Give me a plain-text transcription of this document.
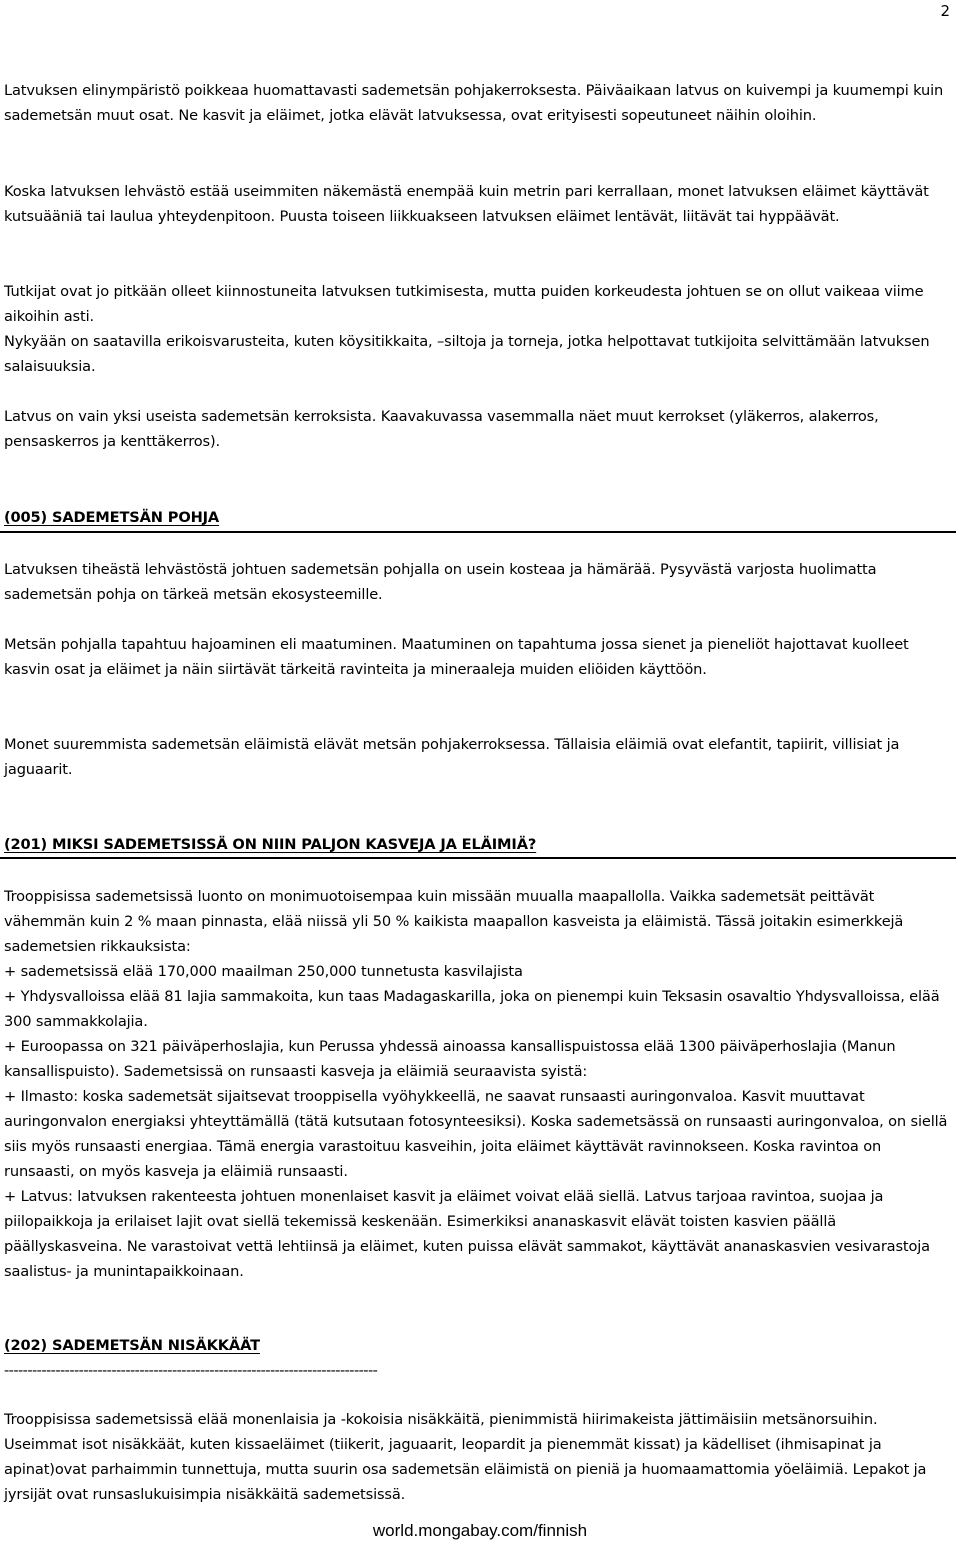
2

Latvuksen elinympäristö poikkeaa huomattavasti sademetsän pohjakerroksesta. Päiväaikaan latvus on kuivempi ja kuumempi kuin sademetsän muut osat. Ne kasvit ja eläimet, jotka elävät latvuksessa, ovat erityisesti sopeutuneet näihin oloihin.

Koska latvuksen lehvästö estää useimmiten näkemästä enempää kuin metrin pari kerrallaan, monet latvuksen eläimet käyttävät kutsuääniä tai laulua yhteydenpitoon. Puusta toiseen liikkuakseen latvuksen eläimet lentävät, liitävät tai hyppäävät.

Tutkijat ovat jo pitkään olleet kiinnostuneita latvuksen tutkimisesta, mutta puiden korkeudesta johtuen se on ollut vaikeaa viime aikoihin asti.

Nykyään on saatavilla erikoisvarusteita, kuten köysitikkaita, –siltoja ja torneja, jotka helpottavat tutkijoita selvittämään latvuksen salaisuuksia.

Latvus on vain yksi useista sademetsän kerroksista. Kaavakuvassa vasemmalla näet muut kerrokset (yläkerros, alakerros, pensaskerros ja kenttäkerros).

(005) SADEMETSÄN POHJA

Latvuksen tiheästä lehvästöstä johtuen sademetsän pohjalla on usein kosteaa ja hämärää. Pysyvästä varjosta huolimatta sademetsän pohja on tärkeä metsän ekosysteemille.

Metsän pohjalla tapahtuu hajoaminen eli maatuminen. Maatuminen on tapahtuma jossa sienet ja pieneliöt hajottavat kuolleet kasvin osat ja eläimet ja näin siirtävät tärkeitä ravinteita ja mineraaleja muiden eliöiden käyttöön.

Monet suuremmista sademetsän eläimistä elävät metsän pohjakerroksessa. Tällaisia eläimiä ovat elefantit, tapiirit, villisiat ja jaguaarit.

(201) MIKSI SADEMETSISSÄ ON NIIN PALJON KASVEJA JA ELÄIMIÄ?

Trooppisissa sademetsissä luonto on monimuotoisempaa kuin missään muualla maapallolla. Vaikka sademetsät peittävät vähemmän kuin 2 % maan pinnasta, elää niissä yli 50 % kaikista maapallon kasveista ja eläimistä. Tässä joitakin esimerkkejä sademetsien rikkauksista:

+ sademetsissä elää 170,000 maailman 250,000 tunnetusta kasvilajista

+ Yhdysvalloissa elää 81 lajia sammakoita, kun taas Madagaskarilla, joka on pienempi kuin Teksasin osavaltio Yhdysvalloissa, elää 300 sammakkolajia.

+ Euroopassa on 321 päiväperhoslajia, kun Perussa yhdessä ainoassa kansallispuistossa elää 1300 päiväperhoslajia (Manun kansallispuisto). Sademetsissä on runsaasti kasveja ja eläimiä seuraavista syistä:

+ Ilmasto: koska sademetsät sijaitsevat trooppisella vyöhykkeellä, ne saavat runsaasti auringonvaloa. Kasvit muuttavat auringonvalon energiaksi yhteyttämällä (tätä kutsutaan fotosynteesiksi). Koska sademetsässä on runsaasti auringonvaloa, on siellä siis myös runsaasti energiaa. Tämä energia varastoituu kasveihin, joita eläimet käyttävät ravinnokseen. Koska ravintoa on runsaasti, on myös kasveja ja eläimiä runsaasti.

+ Latvus: latvuksen rakenteesta johtuen monenlaiset kasvit ja eläimet voivat elää siellä. Latvus tarjoaa ravintoa, suojaa ja piilopaikkoja ja erilaiset lajit ovat siellä tekemissä keskenään. Esimerkiksi ananaskasvit elävät toisten kasvien päällä päällyskasveina. Ne varastoivat vettä lehtiinsä ja eläimet, kuten puissa elävät sammakot, käyttävät ananaskasvien vesivarastoja saalistus- ja munintapaikkoinaan.

(202) SADEMETSÄN NISÄKKÄÄT

--------------------------------------------------------------------------------

Trooppisissa sademetsissä elää monenlaisia ja -kokoisia nisäkkäitä, pienimmistä hiirimakeista jättimäisiin metsänorsuihin. Useimmat isot nisäkkäät, kuten kissaeläimet (tiikerit, jaguaarit, leopardit ja pienemmät kissat) ja kädelliset (ihmisapinat ja apinat)ovat parhaimmin tunnettuja, mutta suurin osa sademetsän eläimistä on pieniä ja huomaamattomia yöeläimiä. Lepakot ja jyrsijät ovat runsaslukuisimpia nisäkkäitä sademetsissä.

world.mongabay.com/finnish
